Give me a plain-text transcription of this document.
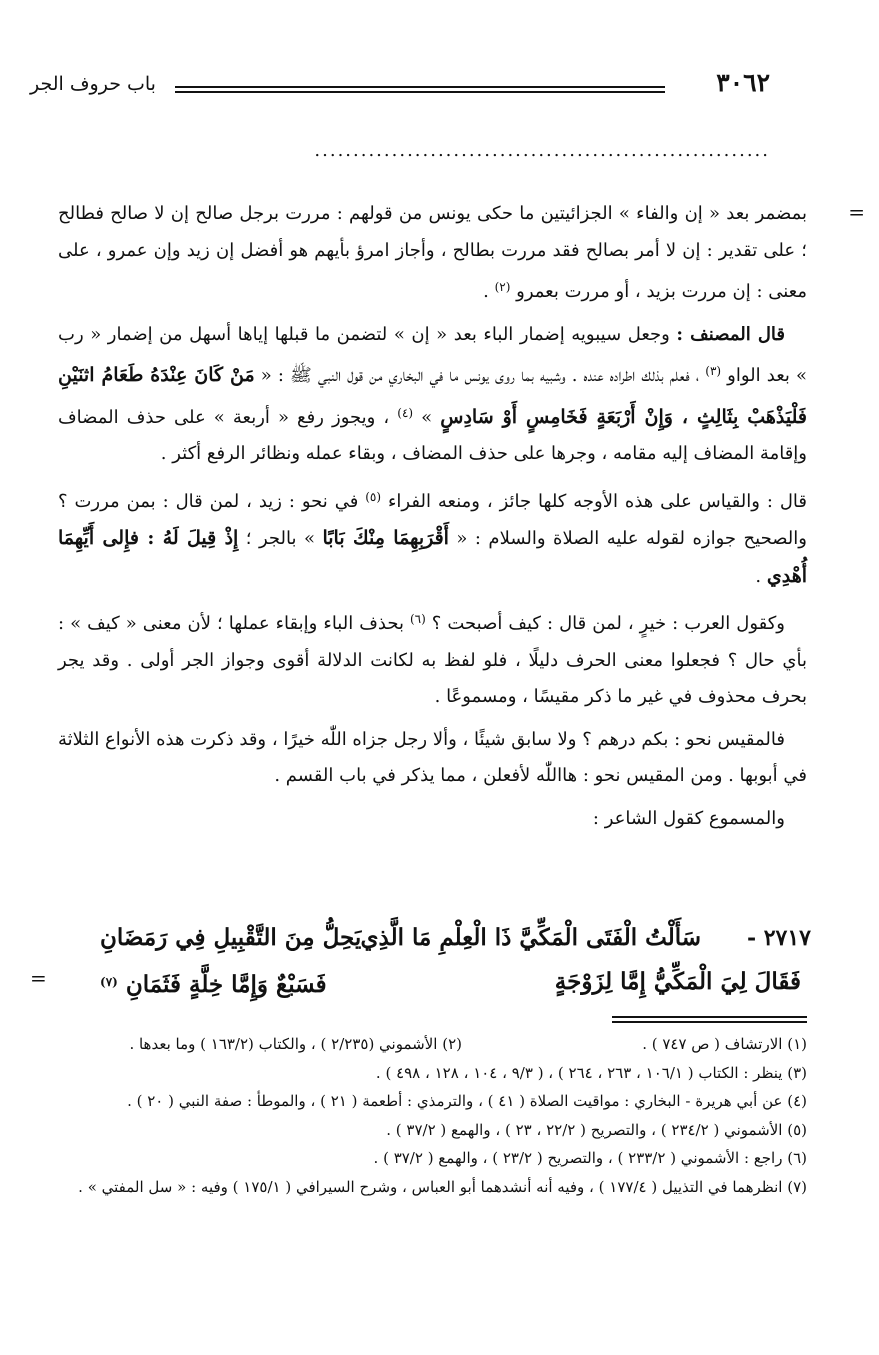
٣٠٦٢
باب حروف الجر
...........................................................
=

بمضمر بعد « إن والفاء » الجزائيتين ما حكى يونس من قولهم : مررت برجل صالح إن لا صالح فطالح ؛ على تقدير : إن لا أمر بصالح فقد مررت بطالح ، وأجاز امرؤ بأيهم هو أفضل إن زيد وإن عمرو ، على معنى : إن مررت بزيد ، أو مررت بعمرو $^{(٢)}$ .

قال المصنف : وجعل سيبويه إضمار الباء بعد « إن » لتضمن ما قبلها إياها أسهل من إضمار « رب » بعد الواو $^{(٣)}$ ، فعلم بذلك اطراده عنده . وشبيه بما روى يونس ما في البخاري من قول النبي ﷺ : « مَنْ كَانَ عِنْدَهُ طَعَامُ اثنَيْنِ فَلْيَذْهَبْ بِثَالِثٍ ، وَإِنْ أَرْبَعَةٍ فَخَامِسٍ أَوْ سَادِسٍ » $^{(٤)}$ ، ويجوز رفع « أربعة » على حذف المضاف وإقامة المضاف إليه مقامه ، وجرها على حذف المضاف ، وبقاء عمله ونظائر الرفع أكثر .

قال : والقياس على هذه الأوجه كلها جائز ، ومنعه الفراء $^{(٥)}$ في نحو : زيد ، لمن قال : بمن مررت ؟ والصحيح جوازه لقوله عليه الصلاة والسلام : « أَقْرَبِهِمَا مِنْكَ بَابًا » بالجر ؛ إِذْ قِيلَ لَهُ : فإِلى أَيِّهِمَا أُهْدِي .

وكقول العرب : خيرٍ ، لمن قال : كيف أصبحت ؟ $^{(٦)}$ بحذف الباء وإبقاء عملها ؛ لأن معنى « كيف » : بأي حال ؟ فجعلوا معنى الحرف دليلًا ، فلو لفظ به لكانت الدلالة أقوى وجواز الجر أولى . وقد يجر بحرف محذوف في غير ما ذكر مقيسًا ، ومسموعًا .

فالمقيس نحو : بكم درهم ؟ ولا سابق شيئًا ، وألا رجل جزاه اللّٰه خيرًا ، وقد ذكرت هذه الأنواع الثلاثة في أبوبها . ومن المقيس نحو : هااللّٰه لأفعلن ، مما يذكر في باب القسم .

والمسموع كقول الشاعر :

٢٧١٧ -
سَأَلْتُ الْفَتَى الْمَكِّيَّ ذَا الْعِلْمِ مَا الَّذِي
يَحِلُّ مِنَ التَّقْبِيلِ فِي رَمَضَانِ
فَقَالَ لِيَ الْمَكِّيُّ إِمَّا لِزَوْجَةٍ
فَسَبْعٌ وَإِمَّا خِلَّةٍ فَثَمَانِ $^{(٧)}$
=
(١) الارتشاف ( ص ٧٤٧ ) .
(٢) الأشموني (٢/٢٣٥ ) ، والكتاب (١٦٣/٢ ) وما بعدها .

(٣) ينظر : الكتاب ( ١٠٦/١ ، ٢٦٣ ، ٢٦٤ ) ، ( ٩/٣ ، ١٠٤ ، ١٢٨ ، ٤٩٨ ) .

(٤) عن أبي هريرة - البخاري : مواقيت الصلاة ( ٤١ ) ، والترمذي : أطعمة ( ٢١ ) ، والموطأ : صفة النبي ( ٢٠ ) .

(٥) الأشموني ( ٢٣٤/٢ ) ، والتصريح ( ٢٢/٢ ، ٢٣ ) ، والهمع ( ٣٧/٢ ) .

(٦) راجع : الأشموني ( ٢٣٣/٢ ) ، والتصريح ( ٢٣/٢ ) ، والهمع ( ٣٧/٢ ) .

(٧) انظرهما في التذييل ( ١٧٧/٤ ) ، وفيه أنه أنشدهما أبو العباس ، وشرح السيرافي ( ١٧٥/١ ) وفيه : « سل المفتي » .
